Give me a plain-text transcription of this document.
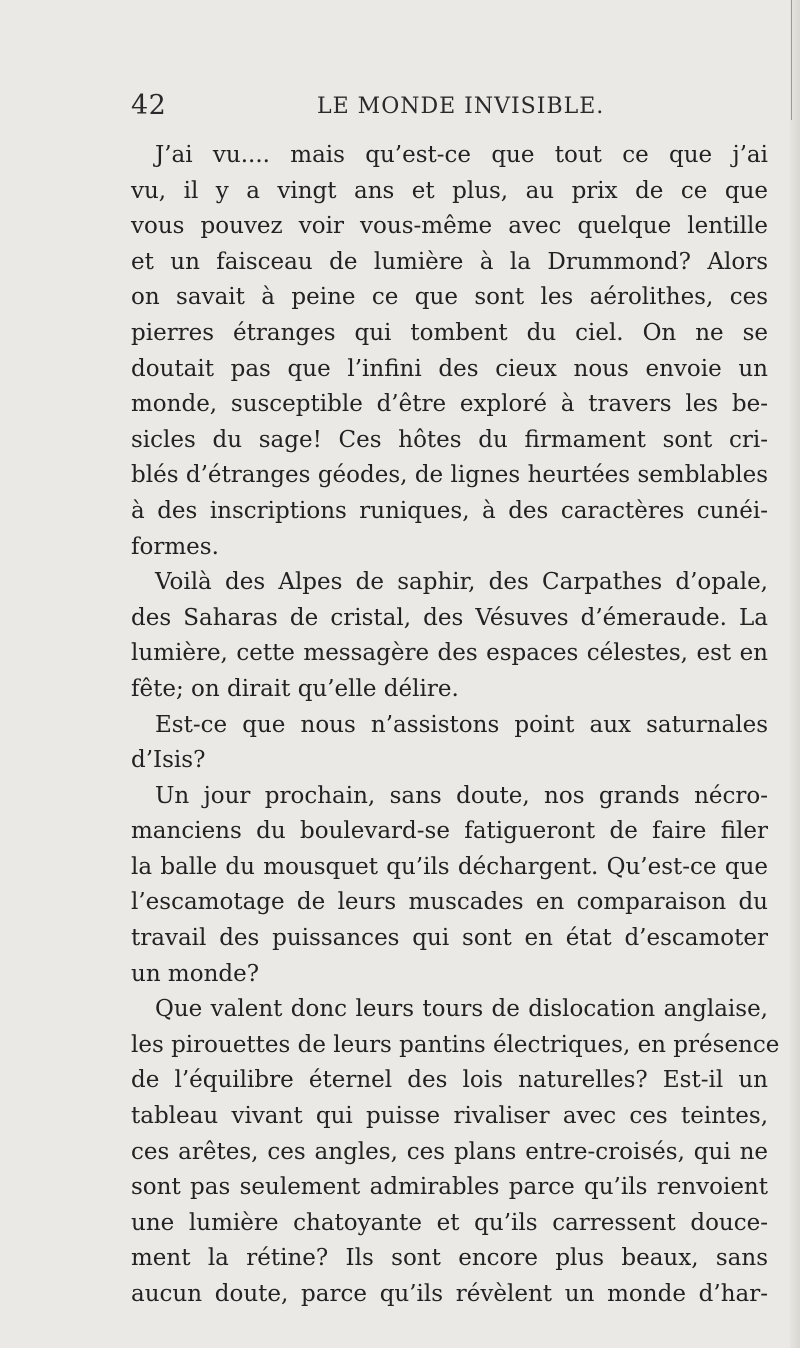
42	LE MONDE INVISIBLE.
J’ai vu.... mais qu’est-ce que tout ce que j’ai
vu, il y a vingt ans et plus, au prix de ce que
vous pouvez voir vous-même avec quelque lentille
et un faisceau de lumière à la Drummond? Alors
on savait à peine ce que sont les aérolithes, ces
pierres étranges qui tombent du ciel. On ne se
doutait pas que l’infini des cieux nous envoie un
monde, susceptible d’être exploré à travers les be-
sicles du sage! Ces hôtes du firmament sont cri-
blés d’étranges géodes, de lignes heurtées semblables
à des inscriptions runiques, à des caractères cunéi-
formes.
Voilà des Alpes de saphir, des Carpathes d’opale,
des Saharas de cristal, des Vésuves d’émeraude. La
lumière, cette messagère des espaces célestes, est en
fête; on dirait qu’elle délire.
Est-ce que nous n’assistons point aux saturnales
d’Isis?
Un jour prochain, sans doute, nos grands nécro-
manciens du boulevard-se fatigueront de faire filer
la balle du mousquet qu’ils déchargent. Qu’est-ce que
l’escamotage de leurs muscades en comparaison du
travail des puissances qui sont en état d’escamoter
un monde?
Que valent donc leurs tours de dislocation anglaise,
les pirouettes de leurs pantins électriques, en présence
de l’équilibre éternel des lois naturelles? Est-il un
tableau vivant qui puisse rivaliser avec ces teintes,
ces arêtes, ces angles, ces plans entre-croisés, qui ne
sont pas seulement admirables parce qu’ils renvoient
une lumière chatoyante et qu’ils carressent douce-
ment la rétine? Ils sont encore plus beaux, sans
aucun doute, parce qu’ils révèlent un monde d’har-
